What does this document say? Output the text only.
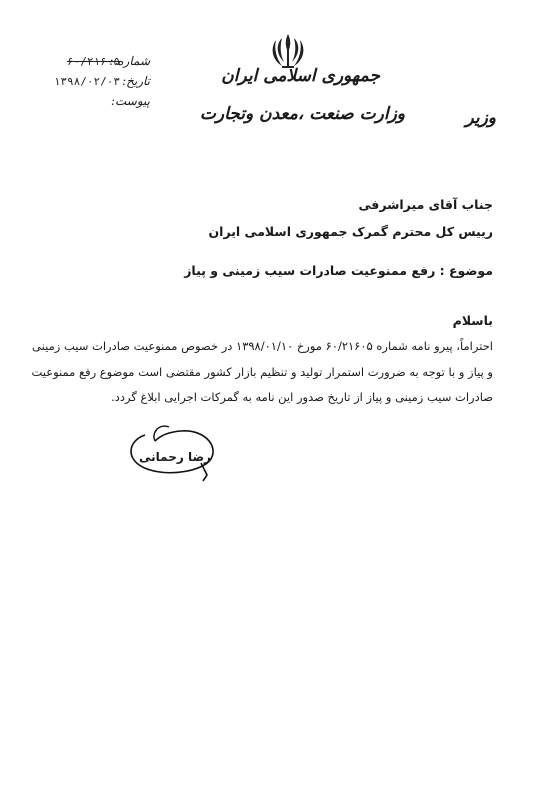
جمهوری اسلامی ایران
وزارت صنعت ،معدن وتجارت	وزیر
شماره :
۶۰/۲۱۶۰۵
تاریخ:
۱۳۹۸/۰۲/۰۳
پیوست:
جناب آقای میراشرفی
رییس کل محترم گمرک جمهوری اسلامی ایران
موضوع : رفع ممنوعیت صادرات سیب زمینی و پیاز
باسلام
احتراماً، پیرو نامه شماره ۶۰/۲۱۶۰۵ مورخ ۱۳۹۸/۰۱/۱۰ در خصوص ممنوعیت صادرات سیب زمینی
و پیاز و با توجه به ضرورت استمرار تولید و تنظیم بازار کشور مقتضی است موضوع رفع ممنوعیت
صادرات سیب زمینی و پیاز از تاریخ صدور این نامه به گمرکات اجرایی ابلاغ گردد.
رضا رحمانی
